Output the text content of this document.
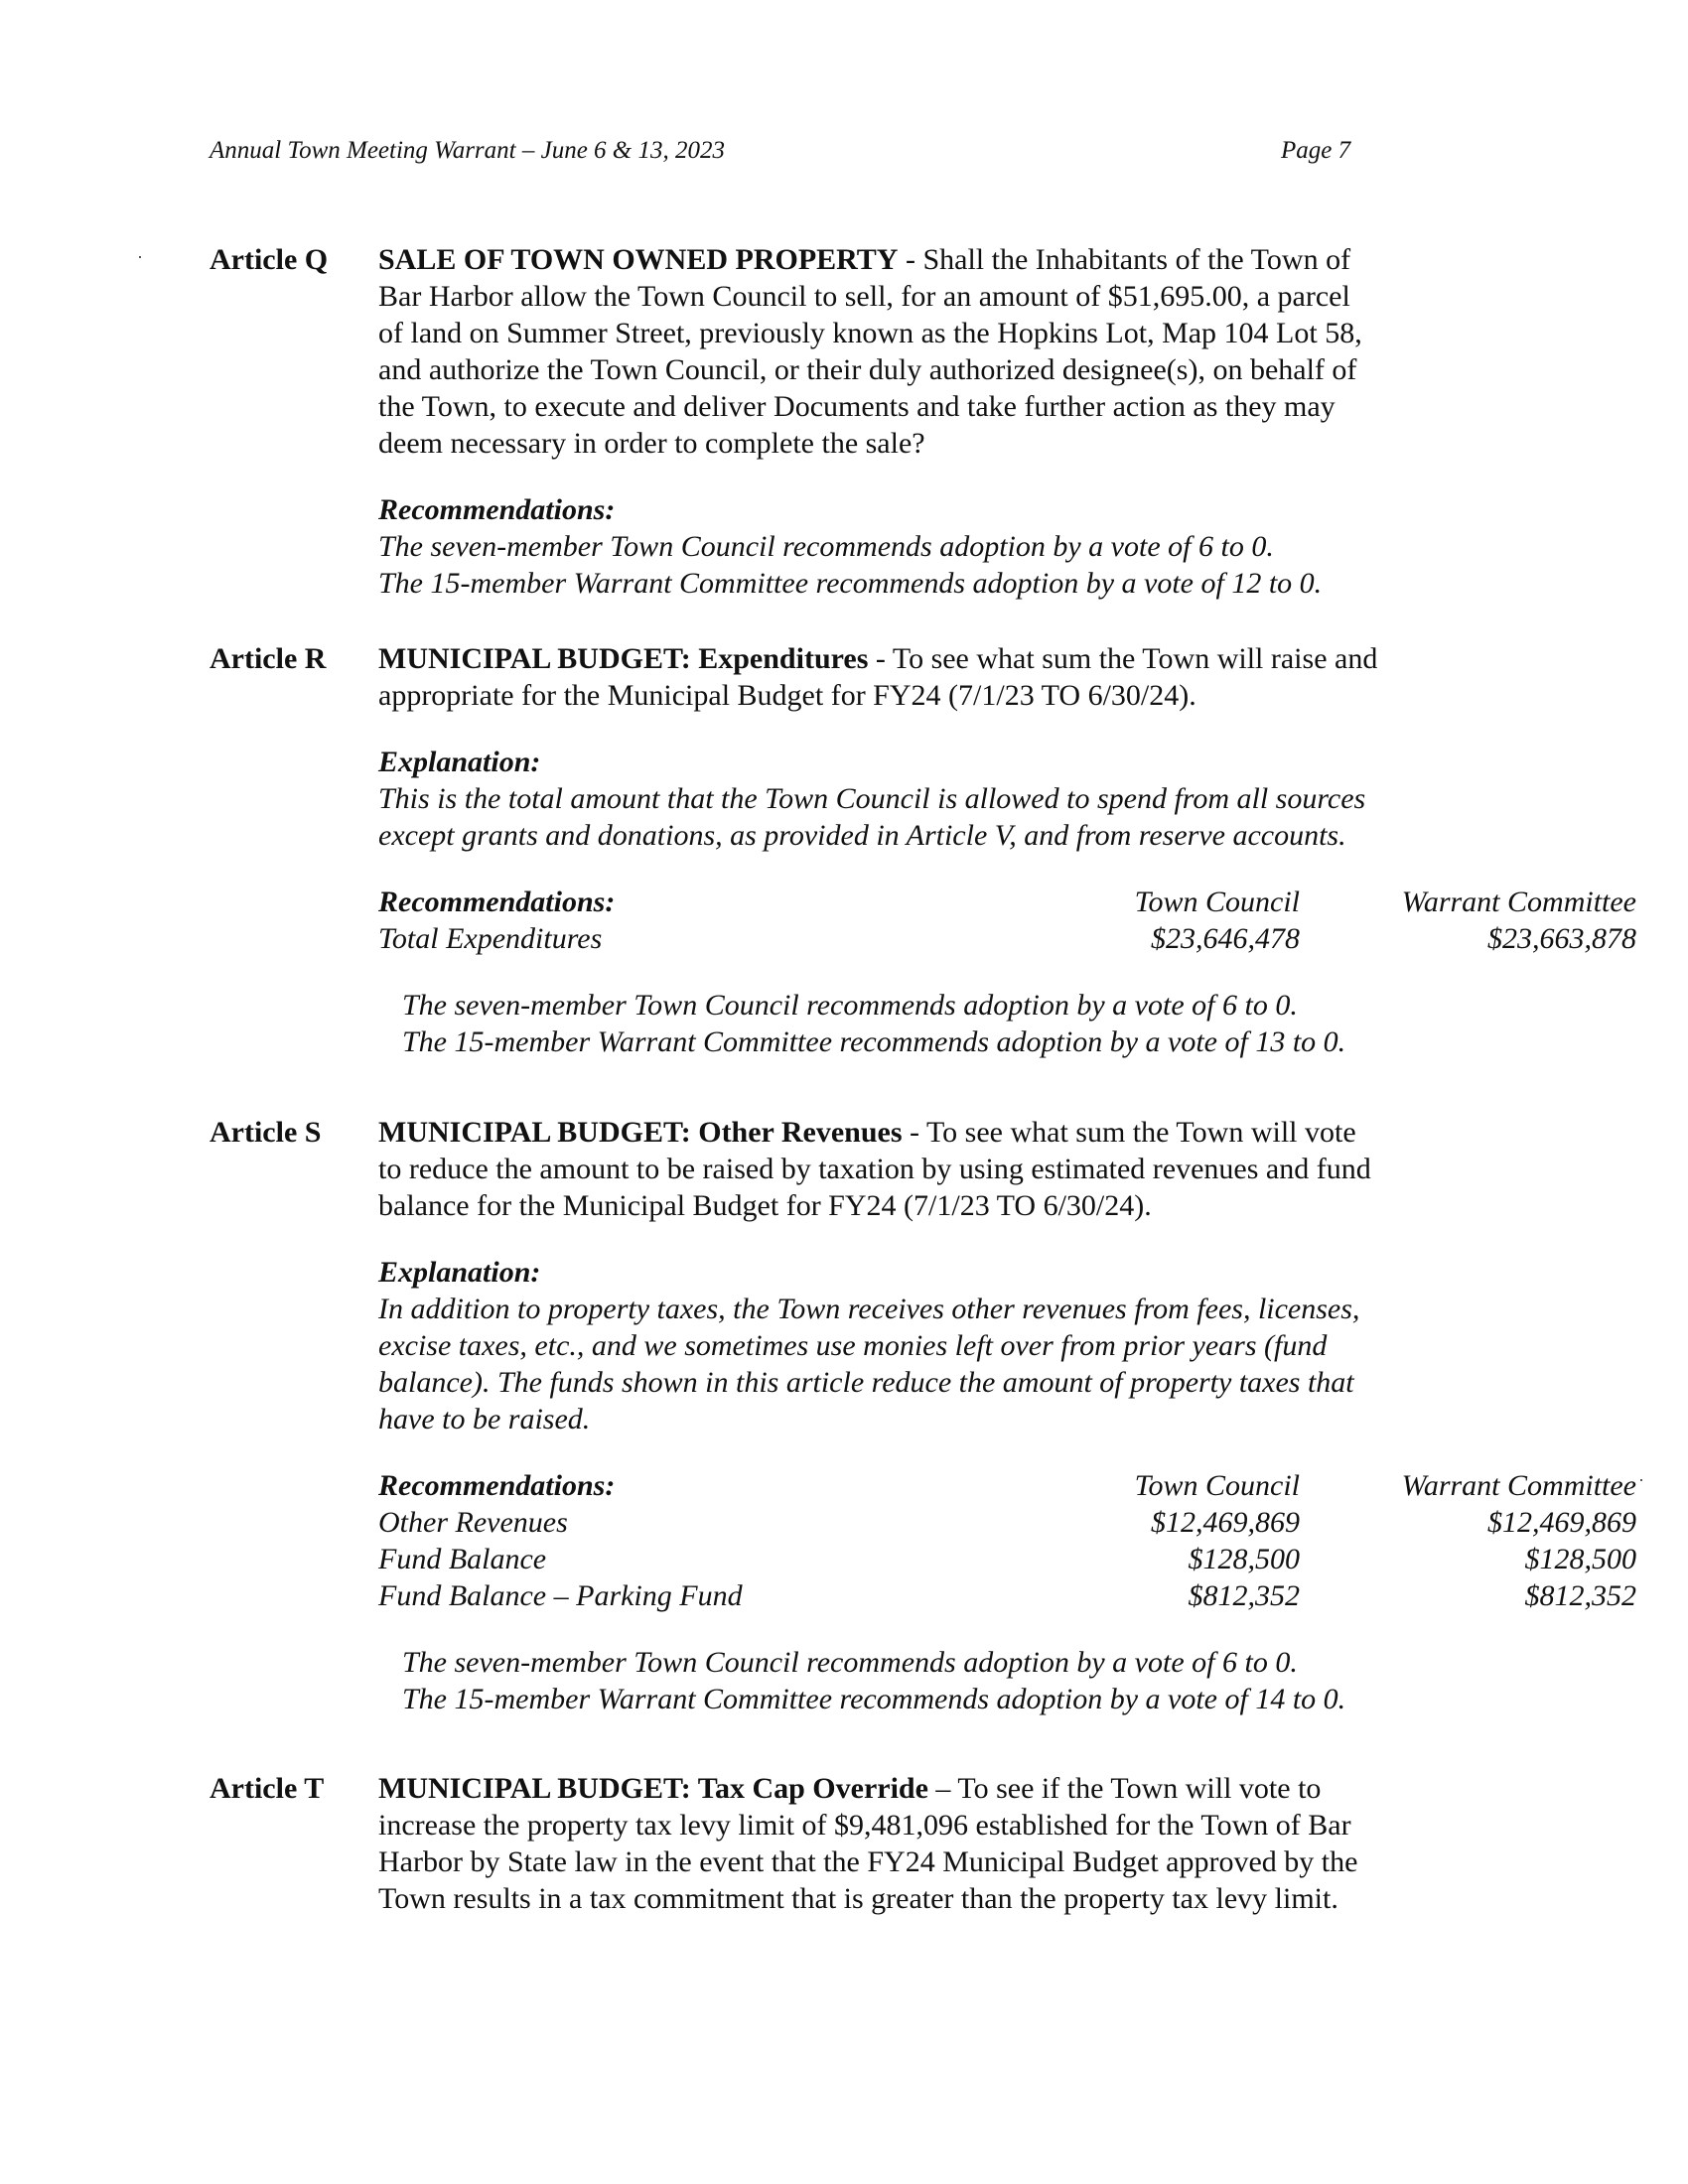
Annual Town Meeting Warrant – June 6 & 13, 2023	Page 7
Article Q SALE OF TOWN OWNED PROPERTY - Shall the Inhabitants of the Town of
Bar Harbor allow the Town Council to sell, for an amount of $51,695.00, a parcel
of land on Summer Street, previously known as the Hopkins Lot, Map 104 Lot 58,
and authorize the Town Council, or their duly authorized designee(s), on behalf of
the Town, to execute and deliver Documents and take further action as they may
deem necessary in order to complete the sale?
Recommendations:
The seven-member Town Council recommends adoption by a vote of 6 to 0.
The 15-member Warrant Committee recommends adoption by a vote of 12 to 0.
Article R MUNICIPAL BUDGET: Expenditures - To see what sum the Town will raise and
appropriate for the Municipal Budget for FY24 (7/1/23 TO 6/30/24).
Explanation:
This is the total amount that the Town Council is allowed to spend from all sources
except grants and donations, as provided in Article V, and from reserve accounts.
Recommendations:	Town Council	Warrant Committee
Total Expenditures	$23,646,478	$23,663,878
The seven-member Town Council recommends adoption by a vote of 6 to 0.
The 15-member Warrant Committee recommends adoption by a vote of 13 to 0.
Article S MUNICIPAL BUDGET: Other Revenues - To see what sum the Town will vote
to reduce the amount to be raised by taxation by using estimated revenues and fund
balance for the Municipal Budget for FY24 (7/1/23 TO 6/30/24).
Explanation:
In addition to property taxes, the Town receives other revenues from fees, licenses,
excise taxes, etc., and we sometimes use monies left over from prior years (fund
balance). The funds shown in this article reduce the amount of property taxes that
have to be raised.
Recommendations:	Town Council	Warrant Committee
Other Revenues	$12,469,869	$12,469,869
Fund Balance	$128,500	$128,500
Fund Balance – Parking Fund	$812,352	$812,352
The seven-member Town Council recommends adoption by a vote of 6 to 0.
The 15-member Warrant Committee recommends adoption by a vote of 14 to 0.
Article T MUNICIPAL BUDGET: Tax Cap Override – To see if the Town will vote to
increase the property tax levy limit of $9,481,096 established for the Town of Bar
Harbor by State law in the event that the FY24 Municipal Budget approved by the
Town results in a tax commitment that is greater than the property tax levy limit.
